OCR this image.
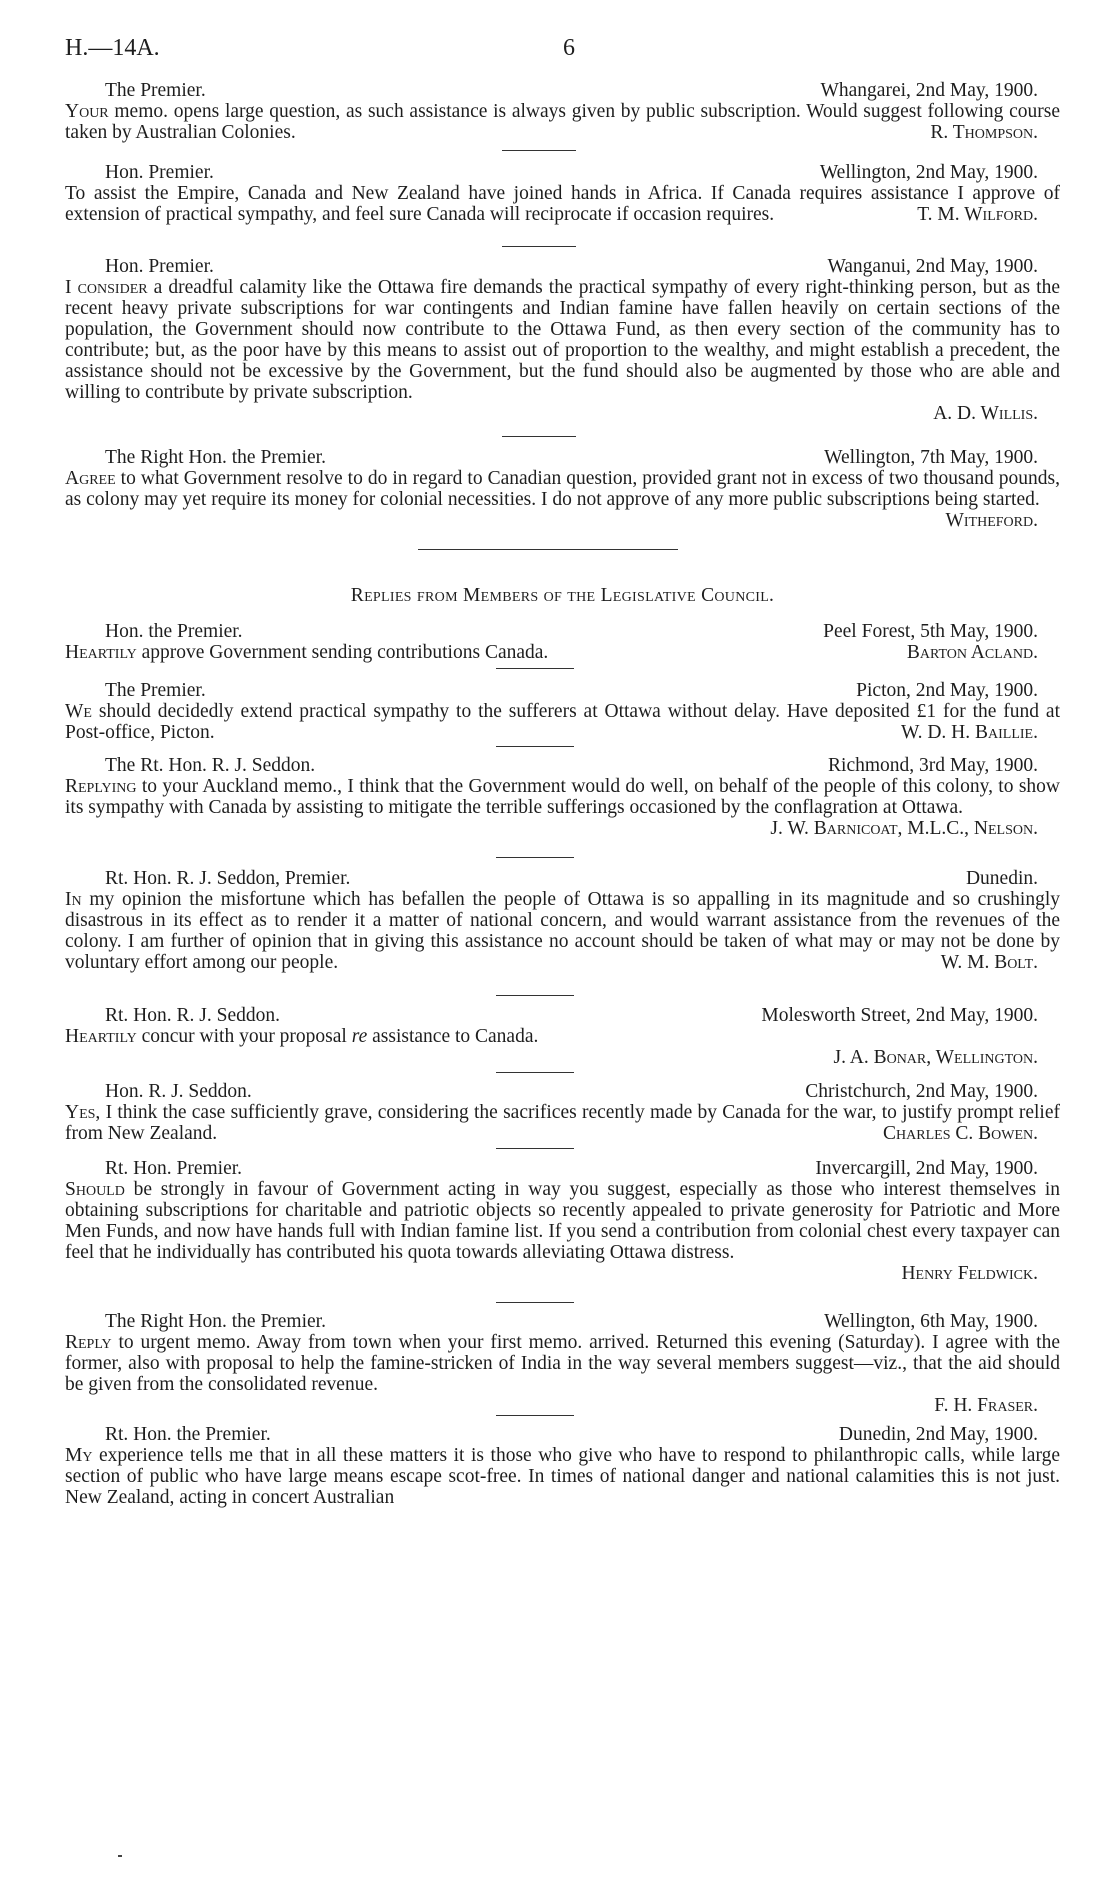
H.—14A.	6
The Premier.	Whangarei, 2nd May, 1900.

Your memo. opens large question, as such assistance is always given by public subscription. Would suggest following course taken by Australian Colonies.	R. Thompson.

Hon. Premier.	Wellington, 2nd May, 1900.

To assist the Empire, Canada and New Zealand have joined hands in Africa. If Canada requires assistance I approve of extension of practical sympathy, and feel sure Canada will reciprocate if occasion requires.	T. M. Wilford.

Hon. Premier.	Wanganui, 2nd May, 1900.

I consider a dreadful calamity like the Ottawa fire demands the practical sympathy of every right-thinking person, but as the recent heavy private subscriptions for war contingents and Indian famine have fallen heavily on certain sections of the population, the Government should now contribute to the Ottawa Fund, as then every section of the community has to contribute; but, as the poor have by this means to assist out of proportion to the wealthy, and might establish a precedent, the assistance should not be excessive by the Government, but the fund should also be augmented by those who are able and willing to contribute by private subscription.

A. D. Willis.
The Right Hon. the Premier.	Wellington, 7th May, 1900.

Agree to what Government resolve to do in regard to Canadian question, provided grant not in excess of two thousand pounds, as colony may yet require its money for colonial necessities. I do not approve of any more public subscriptions being started.
Witheford.

Replies from Members of the Legislative Council.
Hon. the Premier.	Peel Forest, 5th May, 1900.

Heartily approve Government sending contributions Canada.	Barton Acland.

The Premier.	Picton, 2nd May, 1900.

We should decidedly extend practical sympathy to the sufferers at Ottawa without delay. Have deposited £1 for the fund at Post-office, Picton.	W. D. H. Baillie.

The Rt. Hon. R. J. Seddon.	Richmond, 3rd May, 1900.

Replying to your Auckland memo., I think that the Government would do well, on behalf of the people of this colony, to show its sympathy with Canada by assisting to mitigate the terrible sufferings occasioned by the conflagration at Ottawa.

J. W. Barnicoat, M.L.C., Nelson.
Rt. Hon. R. J. Seddon, Premier.	Dunedin.

In my opinion the misfortune which has befallen the people of Ottawa is so appalling in its magnitude and so crushingly disastrous in its effect as to render it a matter of national concern, and would warrant assistance from the revenues of the colony. I am further of opinion that in giving this assistance no account should be taken of what may or may not be done by voluntary effort among our people.	W. M. Bolt.

Rt. Hon. R. J. Seddon.	Molesworth Street, 2nd May, 1900.

Heartily concur with your proposal re assistance to Canada.

J. A. Bonar, Wellington.
Hon. R. J. Seddon.	Christchurch, 2nd May, 1900.

Yes, I think the case sufficiently grave, considering the sacrifices recently made by Canada for the war, to justify prompt relief from New Zealand.	Charles C. Bowen.

Rt. Hon. Premier.	Invercargill, 2nd May, 1900.

Should be strongly in favour of Government acting in way you suggest, especially as those who interest themselves in obtaining subscriptions for charitable and patriotic objects so recently appealed to private generosity for Patriotic and More Men Funds, and now have hands full with Indian famine list. If you send a contribution from colonial chest every taxpayer can feel that he individually has contributed his quota towards alleviating Ottawa distress.

Henry Feldwick.
The Right Hon. the Premier.	Wellington, 6th May, 1900.

Reply to urgent memo. Away from town when your first memo. arrived. Returned this evening (Saturday). I agree with the former, also with proposal to help the famine-stricken of India in the way several members suggest—viz., that the aid should be given from the consolidated revenue.

F. H. Fraser.
Rt. Hon. the Premier.	Dunedin, 2nd May, 1900.

My experience tells me that in all these matters it is those who give who have to respond to philanthropic calls, while large section of public who have large means escape scot-free. In times of national danger and national calamities this is not just. New Zealand, acting in concert Australian
